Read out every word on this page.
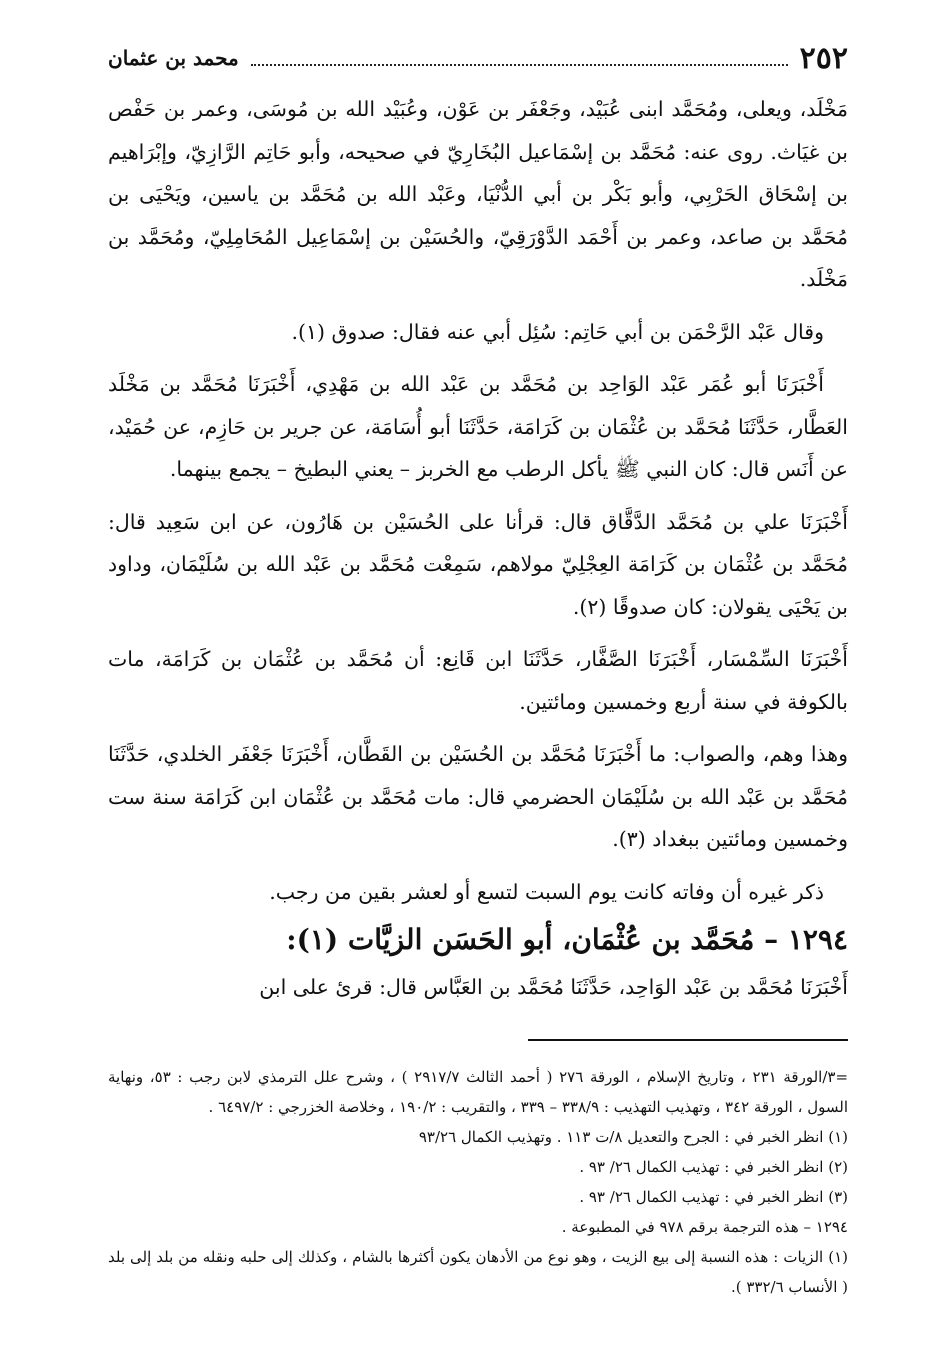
٢٥٢
محمد بن عثمان

مَخْلَد، ويعلى، ومُحَمَّد ابنى عُبَيْد، وجَعْفَر بن عَوْن، وعُبَيْد الله بن مُوسَى، وعمر بن حَفْص بن غيَاث. روى عنه: مُحَمَّد بن إسْمَاعيل البُخَارِيّ في صحيحه، وأبو حَاتِم الرَّازِيّ، وإبْرَاهيم بن إسْحَاق الحَرْبِي، وأبو بَكْر بن أبي الدُّنْيَا، وعَبْد الله بن مُحَمَّد بن ياسين، ويَحْيَى بن مُحَمَّد بن صاعد، وعمر بن أَحْمَد الدَّوْرَقِيّ، والحُسَيْن بن إسْمَاعِيل المُحَامِلِيّ، ومُحَمَّد بن مَخْلَد.

وقال عَبْد الرَّحْمَن بن أبي حَاتِم: سُئِل أبي عنه فقال: صدوق (١).

أَخْبَرَنَا أبو عُمَر عَبْد الوَاحِد بن مُحَمَّد بن عَبْد الله بن مَهْدِي، أَخْبَرَنَا مُحَمَّد بن مَخْلَد العَطَّار، حَدَّثَنَا مُحَمَّد بن عُثْمَان بن كَرَامَة، حَدَّثَنَا أبو أُسَامَة، عن جرير بن حَازِم، عن حُمَيْد، عن أَنَس قال: كان النبي ﷺ يأكل الرطب مع الخربز – يعني البطيخ – يجمع بينهما.

أَخْبَرَنَا علي بن مُحَمَّد الدَّقَّاق قال: قرأنا على الحُسَيْن بن هَارُون، عن ابن سَعِيد قال: مُحَمَّد بن عُثْمَان بن كَرَامَة العِجْلِيّ مولاهم، سَمِعْت مُحَمَّد بن عَبْد الله بن سُلَيْمَان، وداود بن يَحْيَى يقولان: كان صدوقًا (٢).

أَخْبَرَنَا السِّمْسَار، أَخْبَرَنَا الصَّفَّار، حَدَّثَنَا ابن قَانِع: أن مُحَمَّد بن عُثْمَان بن كَرَامَة، مات بالكوفة في سنة أربع وخمسين ومائتين.

وهذا وهم، والصواب: ما أَخْبَرَنَا مُحَمَّد بن الحُسَيْن بن القَطَّان، أَخْبَرَنَا جَعْفَر الخلدي، حَدَّثَنَا مُحَمَّد بن عَبْد الله بن سُلَيْمَان الحضرمي قال: مات مُحَمَّد بن عُثْمَان ابن كَرَامَة سنة ست وخمسين ومائتين ببغداد (٣).

ذكر غيره أن وفاته كانت يوم السبت لتسع أو لعشر بقين من رجب.

١٢٩٤ – مُحَمَّد بن عُثْمَان، أبو الحَسَن الزيَّات (١):

أَخْبَرَنَا مُحَمَّد بن عَبْد الوَاحِد، حَدَّثَنَا مُحَمَّد بن العَبَّاس قال: قرئ على ابن

=٣/الورقة ٢٣١ ، وتاريخ الإسلام ، الورقة ٢٧٦ ( أحمد الثالث ٢٩١٧/٧ ) ، وشرح علل الترمذي لابن رجب : ٥٣، ونهاية السول ، الورقة ٣٤٢ ، وتهذيب التهذيب : ٣٣٨/٩ – ٣٣٩ ، والتقريب : ١٩٠/٢ ، وخلاصة الخزرجي : ٦٤٩٧/٢ .

(١) انظر الخبر في : الجرح والتعديل ٨/ت ١١٣ . وتهذيب الكمال ٩٣/٢٦

(٢) انظر الخبر في : تهذيب الكمال ٢٦/ ٩٣ .

(٣) انظر الخبر في : تهذيب الكمال ٢٦/ ٩٣ .

١٢٩٤ – هذه الترجمة برقم ٩٧٨ في المطبوعة .

(١) الزيات : هذه النسبة إلى بيع الزيت ، وهو نوع من الأدهان يكون أكثرها بالشام ، وكذلك إلى حلبه ونقله من بلد إلى بلد ( الأنساب ٣٣٢/٦ ).
